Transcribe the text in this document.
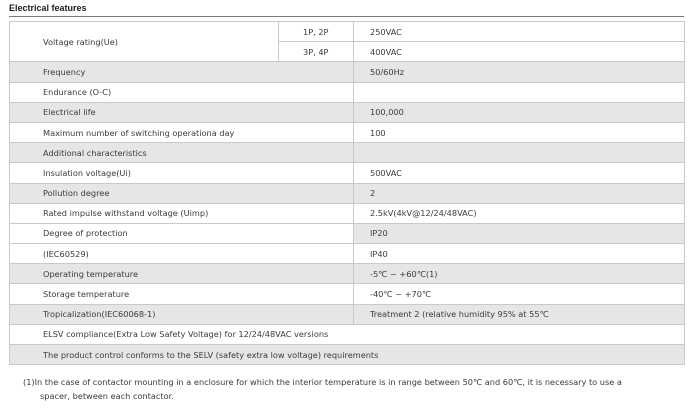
Electrical features
Voltage rating(Ue)	1P, 2P	250VAC
	3P, 4P	400VAC
Frequency		50/60Hz
Endurance (O-C)		
Electrical life		100,000
Maximum number of switching operationa day		100
Additional characteristics		
Insulation voltage(Ui)		500VAC
Pollution degree		2
Rated impulse withstand voltage (Uimp)		2.5kV(4kV@12/24/48VAC)
Degree of protection		IP20
(IEC60529)		IP40
Operating temperature		-5℃ ~ +60℃(1)
Storage temperature		-40℃ ~ +70℃
Tropicalization(IEC60068-1)		Treatment 2 (relative humidity 95% at 55℃
ELSV compliance(Extra Low Safety Voltage) for 12/24/48VAC versions		
The product control conforms to the SELV (safety extra low voltage) requirements		
(1)In the case of contactor mounting in a enclosure for which the interior temperature is in range between 50℃ and 60℃, it is necessary to use a
spacer, between each contactor.
